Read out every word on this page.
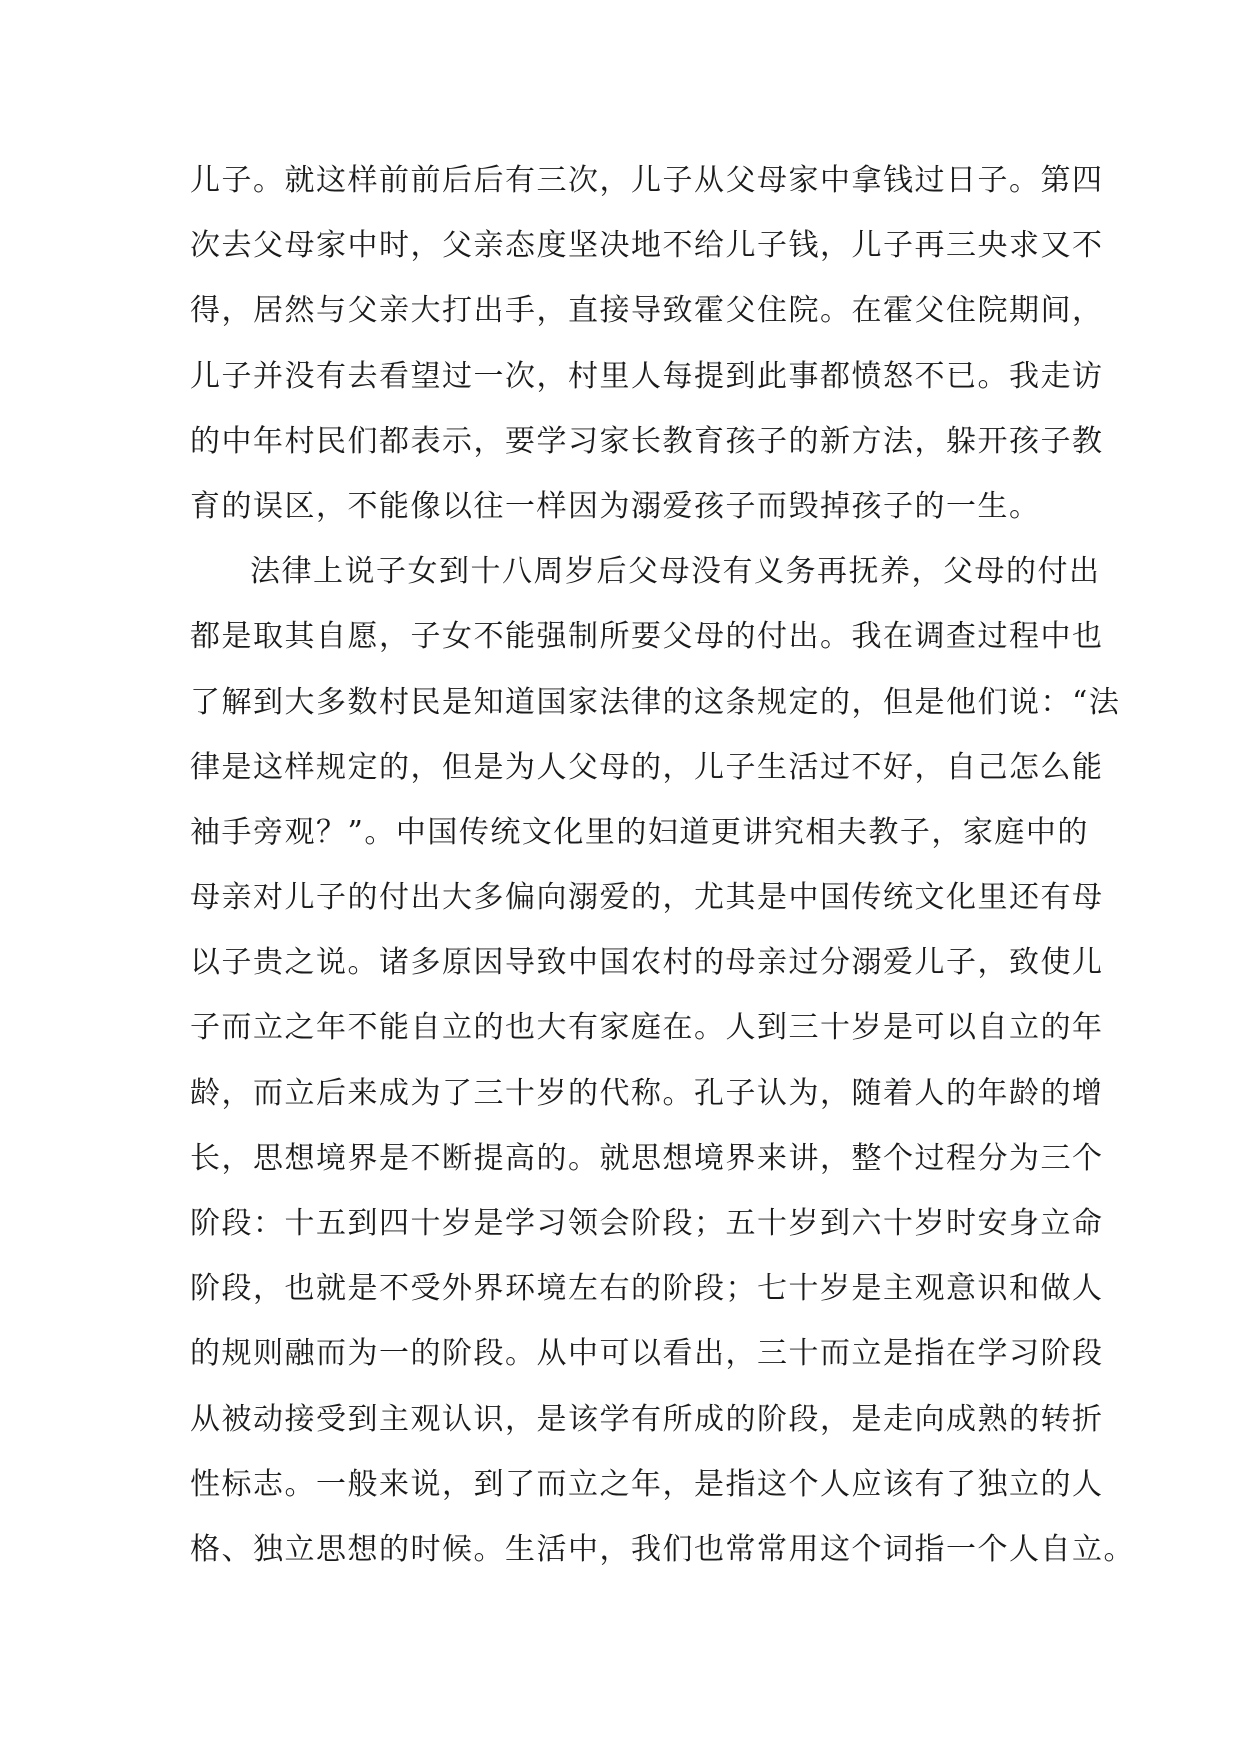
儿子。就这样前前后后有三次，儿子从父母家中拿钱过日子。第四
次去父母家中时，父亲态度坚决地不给儿子钱，儿子再三央求又不
得，居然与父亲大打出手，直接导致霍父住院。在霍父住院期间，
儿子并没有去看望过一次，村里人每提到此事都愤怒不已。我走访
的中年村民们都表示，要学习家长教育孩子的新方法，躲开孩子教
育的误区，不能像以往一样因为溺爱孩子而毁掉孩子的一生。
法律上说子女到十八周岁后父母没有义务再抚养，父母的付出
都是取其自愿，子女不能强制所要父母的付出。我在调查过程中也
了解到大多数村民是知道国家法律的这条规定的，但是他们说：“法
律是这样规定的，但是为人父母的，儿子生活过不好，自己怎么能
袖手旁观？”。中国传统文化里的妇道更讲究相夫教子，家庭中的
母亲对儿子的付出大多偏向溺爱的，尤其是中国传统文化里还有母
以子贵之说。诸多原因导致中国农村的母亲过分溺爱儿子，致使儿
子而立之年不能自立的也大有家庭在。人到三十岁是可以自立的年
龄，而立后来成为了三十岁的代称。孔子认为，随着人的年龄的增
长，思想境界是不断提高的。就思想境界来讲，整个过程分为三个
阶段：十五到四十岁是学习领会阶段；五十岁到六十岁时安身立命
阶段，也就是不受外界环境左右的阶段；七十岁是主观意识和做人
的规则融而为一的阶段。从中可以看出，三十而立是指在学习阶段
从被动接受到主观认识，是该学有所成的阶段，是走向成熟的转折
性标志。一般来说，到了而立之年，是指这个人应该有了独立的人
格、独立思想的时候。生活中，我们也常常用这个词指一个人自立。
